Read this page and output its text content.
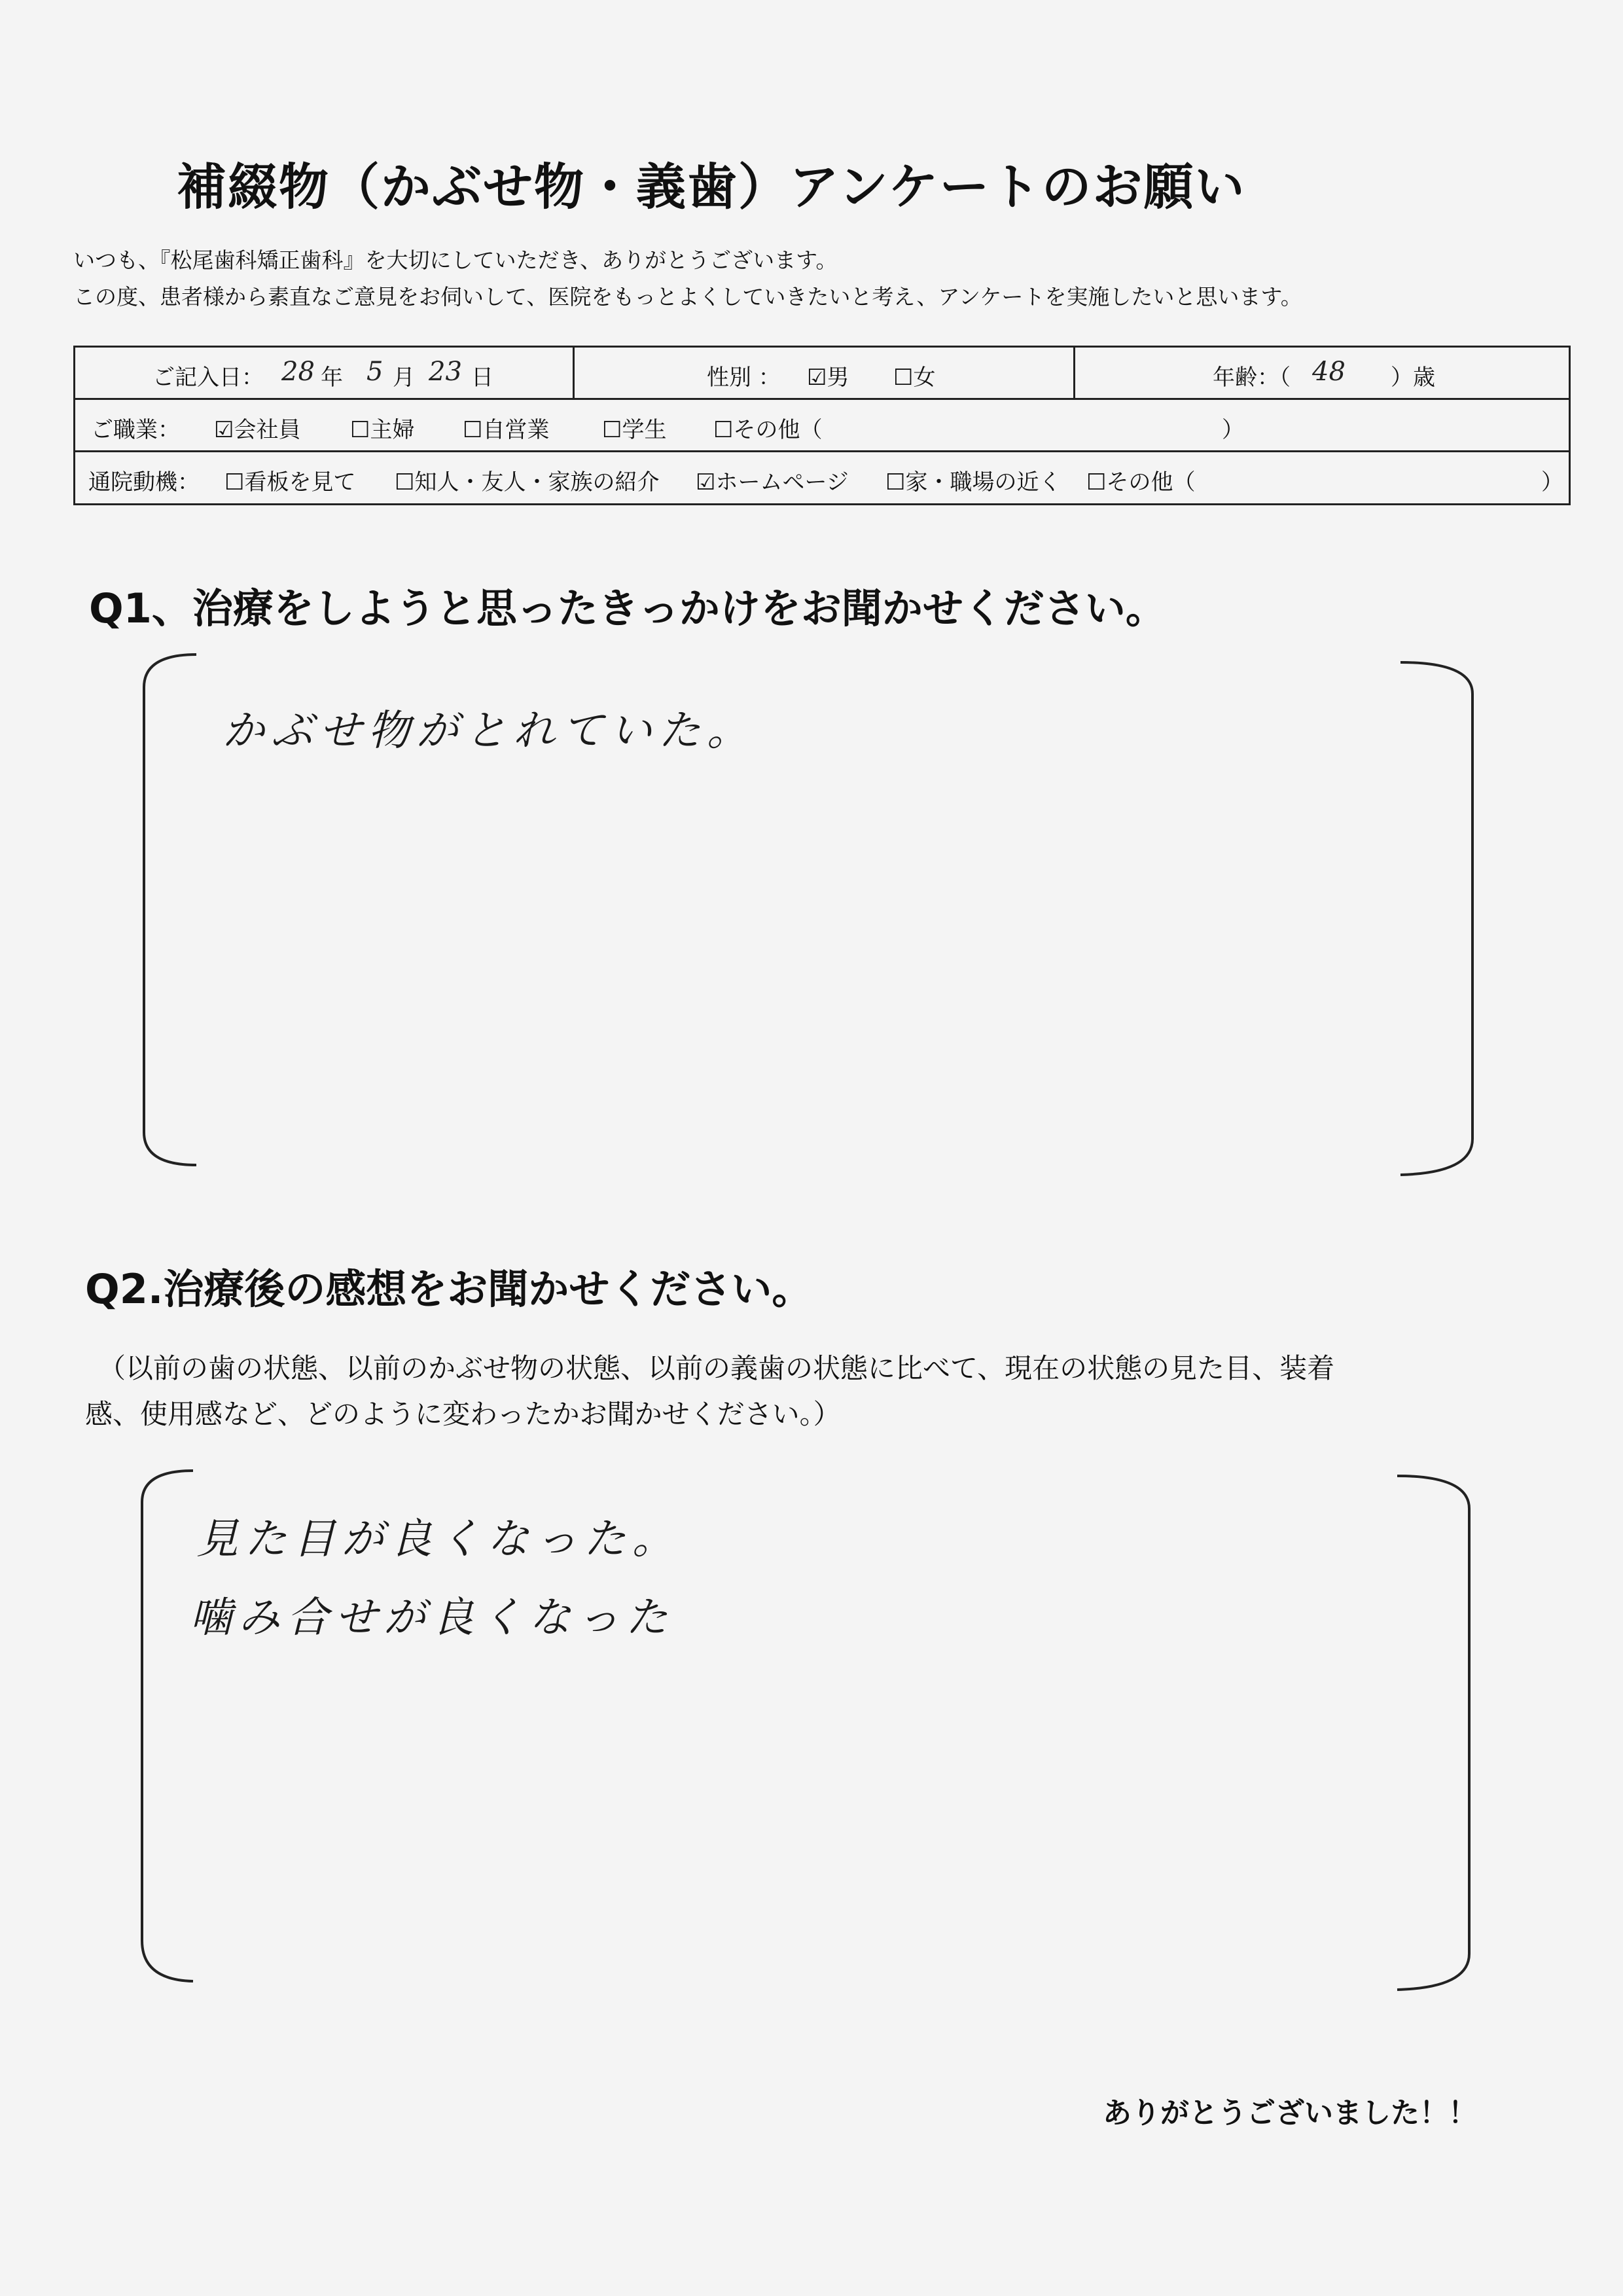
補綴物（かぶせ物・義歯）アンケートのお願い
いつも、『松尾歯科矯正歯科』を大切にしていただき、ありがとうございます。
この度、患者様から素直なご意見をお伺いして、医院をもっとよくしていきたいと考え、アンケートを実施したいと思います。
ご記入日： 28 年 5 月 23 日	性別 ： ☑男 ☐女	年齢：（ 48 ）歳
ご職業： ☑会社員 ☐主婦 ☐自営業 ☐学生 ☐その他（	）
通院動機： ☐看板を見て ☐知人・友人・家族の紹介 ☑ホームページ ☐家・職場の近く ☐その他（	）
Q1、治療をしようと思ったきっかけをお聞かせください。
かぶせ物がとれていた。
Q2.治療後の感想をお聞かせください。
（以前の歯の状態、以前のかぶせ物の状態、以前の義歯の状態に比べて、現在の状態の見た目、装着
感、使用感など、どのように変わったかお聞かせください。）
見た目が良くなった。
噛み合せが良くなった
ありがとうございました！！
